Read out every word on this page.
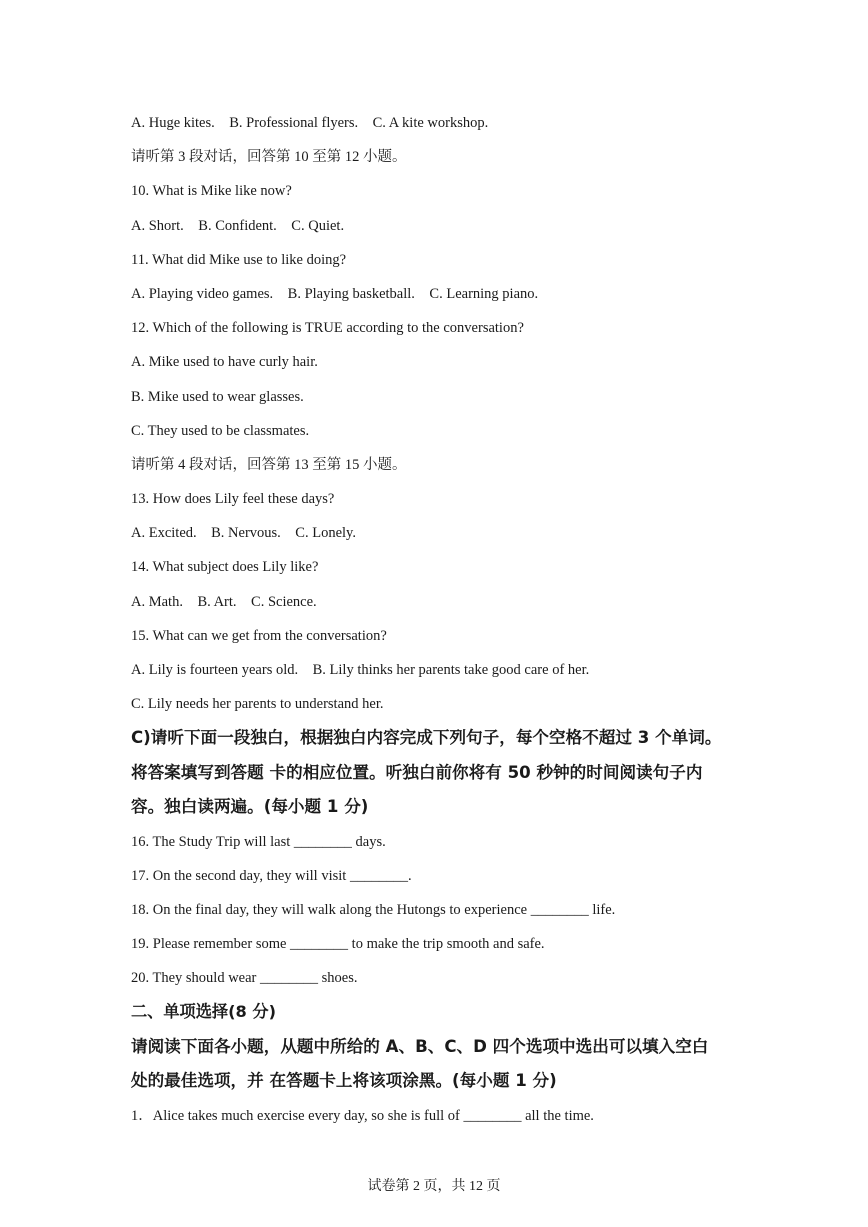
A. Huge kites.    B. Professional flyers.    C. A kite workshop.
请听第 3 段对话，回答第 10 至第 12 小题。
10. What is Mike like now?
A. Short.    B. Confident.    C. Quiet.
11. What did Mike use to like doing?
A. Playing video games.    B. Playing basketball.    C. Learning piano.
12. Which of the following is TRUE according to the conversation?
A. Mike used to have curly hair.
B. Mike used to wear glasses.
C. They used to be classmates.
请听第 4 段对话，回答第 13 至第 15 小题。
13. How does Lily feel these days?
A. Excited.    B. Nervous.    C. Lonely.
14. What subject does Lily like?
A. Math.    B. Art.    C. Science.
15. What can we get from the conversation?
A. Lily is fourteen years old.    B. Lily thinks her parents take good care of her.
C. Lily needs her parents to understand her.
C)请听下面一段独白，根据独白内容完成下列句子，每个空格不超过 3 个单词。
将答案填写到答题 卡的相应位置。听独白前你将有 50 秒钟的时间阅读句子内
容。独白读两遍。(每小题 1 分)
16. The Study Trip will last ________ days.
17. On the second day, they will visit ________.
18. On the final day, they will walk along the Hutongs to experience ________ life.
19. Please remember some ________ to make the trip smooth and safe.
20. They should wear ________ shoes.
二、单项选择(8 分)
请阅读下面各小题，从题中所给的 A、B、C、D 四个选项中选出可以填入空白
处的最佳选项，并 在答题卡上将该项涂黑。(每小题 1 分)
1．Alice takes much exercise every day, so she is full of ________ all the time.
试卷第 2 页，共 12 页
